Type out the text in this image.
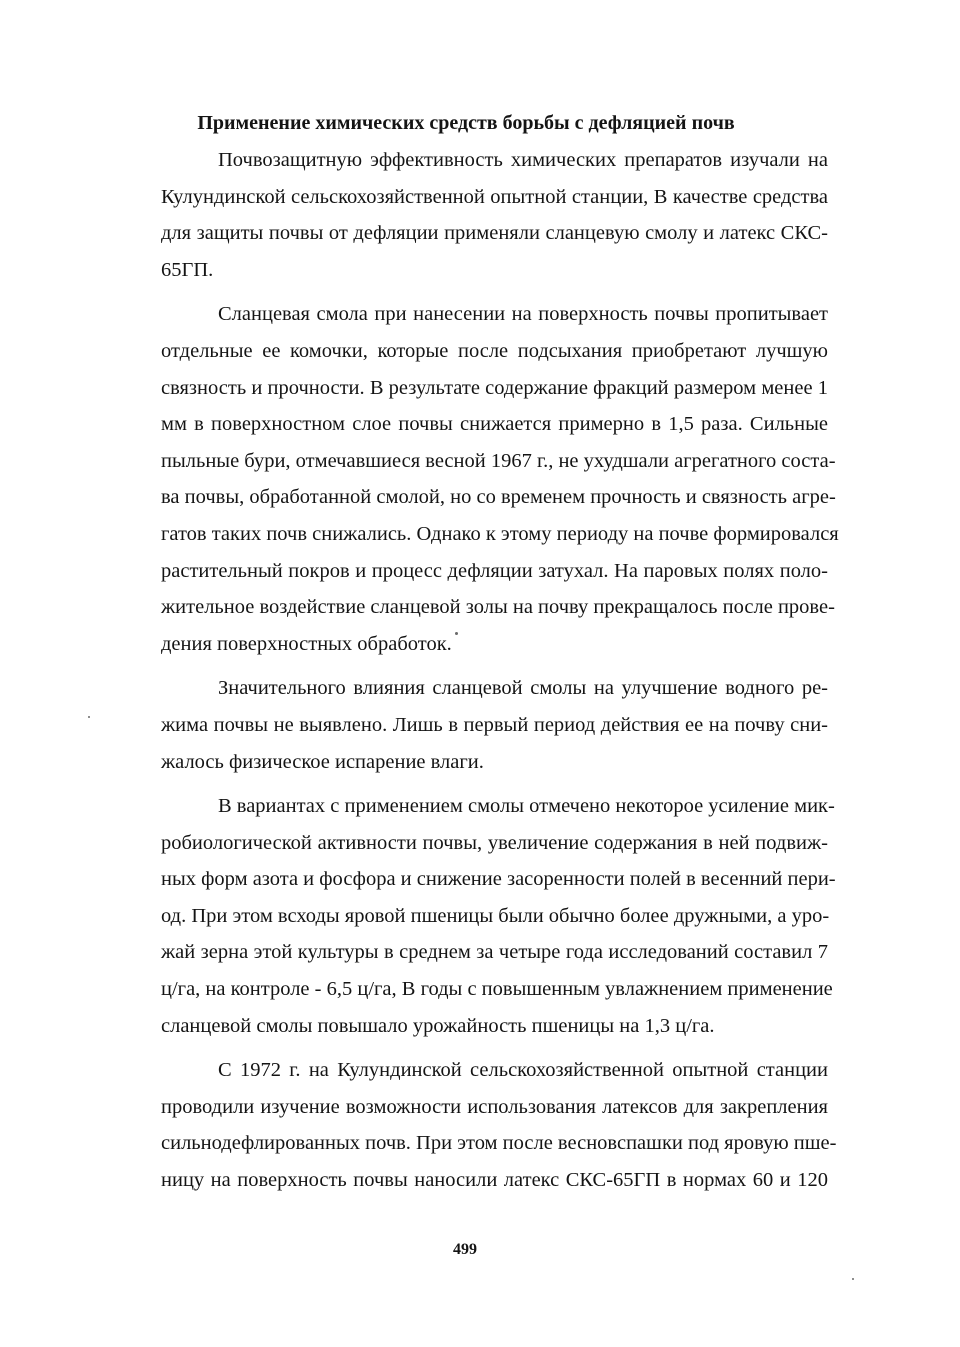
Применение химических средств борьбы с дефляцией почв

Почвозащитную эффективность химических препаратов изучали на
Кулундинской сельскохозяйственной опытной станции, В качестве средства
для защиты почвы от дефляции применяли сланцевую смолу и латекс СКС-
65ГП.

Сланцевая смола при нанесении на поверхность почвы пропитывает
отдельные ее комочки, которые после подсыхания приобретают лучшую
связность и прочности. В результате содержание фракций размером менее 1
мм в поверхностном слое почвы снижается примерно в 1,5 раза. Сильные
пыльные бури, отмечавшиеся весной 1967 г., не ухудшали агрегатного соста-
ва почвы, обработанной смолой, но со временем прочность и связность агре-
гатов таких почв снижались. Однако к этому периоду на почве формировался
растительный покров и процесс дефляции затухал. На паровых полях поло-
жительное воздействие сланцевой золы на почву прекращалось после прове-
дения поверхностных обработок.

Значительного влияния сланцевой смолы на улучшение водного ре-
жима почвы не выявлено. Лишь в первый период действия ее на почву сни-
жалось физическое испарение влаги.

В вариантах с применением смолы отмечено некоторое усиление мик-
робиологической активности почвы, увеличение содержания в ней подвиж-
ных форм азота и фосфора и снижение засоренности полей в весенний пери-
од. При этом всходы яровой пшеницы были обычно более дружными, а уро-
жай зерна этой культуры в среднем за четыре года исследований составил 7
ц/га, на контроле - 6,5 ц/га, В годы с повышенным увлажнением применение
сланцевой смолы повышало урожайность пшеницы на 1,3 ц/га.

С 1972 г. на Кулундинской сельскохозяйственной опытной станции
проводили изучение возможности использования латексов для закрепления
сильнодефлированных почв. При этом после весновспашки под яровую пше-
ницу на поверхность почвы наносили латекс СКС-65ГП в нормах 60 и 120

499
